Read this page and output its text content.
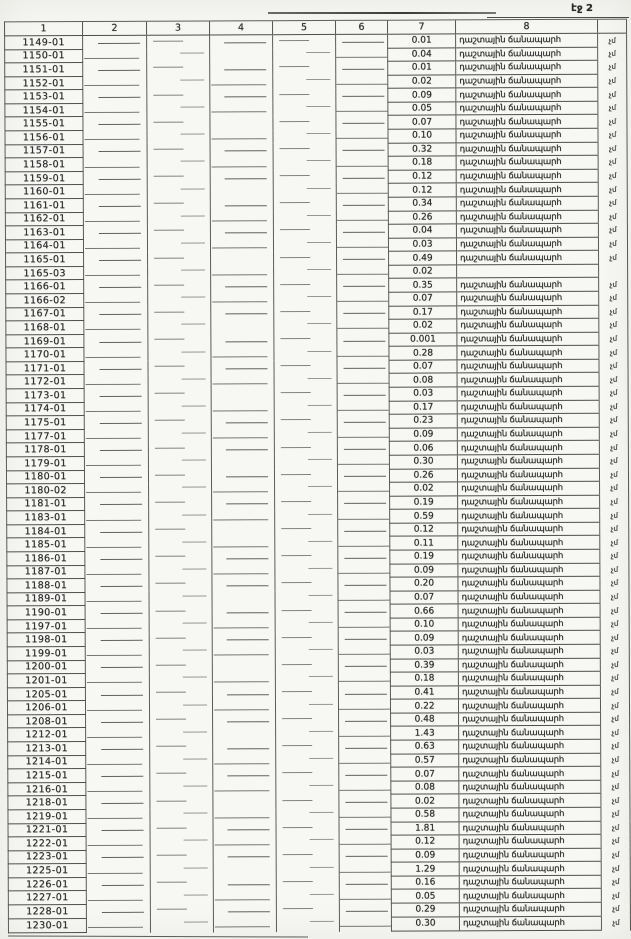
էջ 2
1	2	3	4	5	6	7	8	
1149-01						0.01	դաշտային ճանապարհ	չմ
1150-01						0.04	դաշտային ճանապարհ	չմ
1151-01						0.01	դաշտային ճանապարհ	չմ
1152-01						0.02	դաշտային ճանապարհ	չմ
1153-01						0.09	դաշտային ճանապարհ	չմ
1154-01						0.05	դաշտային ճանապարհ	չմ
1155-01						0.07	դաշտային ճանապարհ	չմ
1156-01						0.10	դաշտային ճանապարհ	չմ
1157-01						0.32	դաշտային ճանապարհ	չմ
1158-01						0.18	դաշտային ճանապարհ	չմ
1159-01						0.12	դաշտային ճանապարհ	չմ
1160-01						0.12	դաշտային ճանապարհ	չմ
1161-01						0.34	դաշտային ճանապարհ	չմ
1162-01						0.26	դաշտային ճանապարհ	չմ
1163-01						0.04	դաշտային ճանապարհ	չմ
1164-01						0.03	դաշտային ճանապարհ	չմ
1165-01						0.49	դաշտային ճանապարհ	չմ
1165-03						0.02		
1166-01						0.35	դաշտային ճանապարհ	չմ
1166-02						0.07	դաշտային ճանապարհ	չմ
1167-01						0.17	դաշտային ճանապարհ	չմ
1168-01						0.02	դաշտային ճանապարհ	չմ
1169-01						0.001	դաշտային ճանապարհ	չմ
1170-01						0.28	դաշտային ճանապարհ	չմ
1171-01						0.07	դաշտային ճանապարհ	չմ
1172-01						0.08	դաշտային ճանապարհ	չմ
1173-01						0.03	դաշտային ճանապարհ	չմ
1174-01						0.17	դաշտային ճանապարհ	չմ
1175-01						0.23	դաշտային ճանապարհ	չմ
1177-01						0.09	դաշտային ճանապարհ	չմ
1178-01						0.06	դաշտային ճանապարհ	չմ
1179-01						0.30	դաշտային ճանապարհ	չմ
1180-01						0.26	դաշտային ճանապարհ	չմ
1180-02						0.02	դաշտային ճանապարհ	չմ
1181-01						0.19	դաշտային ճանապարհ	չմ
1183-01						0.59	դաշտային ճանապարհ	չմ
1184-01						0.12	դաշտային ճանապարհ	չմ
1185-01						0.11	դաշտային ճանապարհ	չմ
1186-01						0.19	դաշտային ճանապարհ	չմ
1187-01						0.09	դաշտային ճանապարհ	չմ
1188-01						0.20	դաշտային ճանապարհ	չմ
1189-01						0.07	դաշտային ճանապարհ	չմ
1190-01						0.66	դաշտային ճանապարհ	չմ
1197-01						0.10	դաշտային ճանապարհ	չմ
1198-01						0.09	դաշտային ճանապարհ	չմ
1199-01						0.03	դաշտային ճանապարհ	չմ
1200-01						0.39	դաշտային ճանապարհ	չմ
1201-01						0.18	դաշտային ճանապարհ	չմ
1205-01						0.41	դաշտային ճանապարհ	չմ
1206-01						0.22	դաշտային ճանապարհ	չմ
1208-01						0.48	դաշտային ճանապարհ	չմ
1212-01						1.43	դաշտային ճանապարհ	չմ
1213-01						0.63	դաշտային ճանապարհ	չմ
1214-01						0.57	դաշտային ճանապարհ	չմ
1215-01						0.07	դաշտային ճանապարհ	չմ
1216-01						0.08	դաշտային ճանապարհ	չմ
1218-01						0.02	դաշտային ճանապարհ	չմ
1219-01						0.58	դաշտային ճանապարհ	չմ
1221-01						1.81	դաշտային ճանապարհ	չմ
1222-01						0.12	դաշտային ճանապարհ	չմ
1223-01						0.09	դաշտային ճանապարհ	չմ
1225-01						1.29	դաշտային ճանապարհ	չմ
1226-01						0.16	դաշտային ճանապարհ	չմ
1227-01						0.05	դաշտային ճանապարհ	չմ
1228-01						0.29	դաշտային ճանապարհ	չմ
1230-01						0.30	դաշտային ճանապարհ	չմ
